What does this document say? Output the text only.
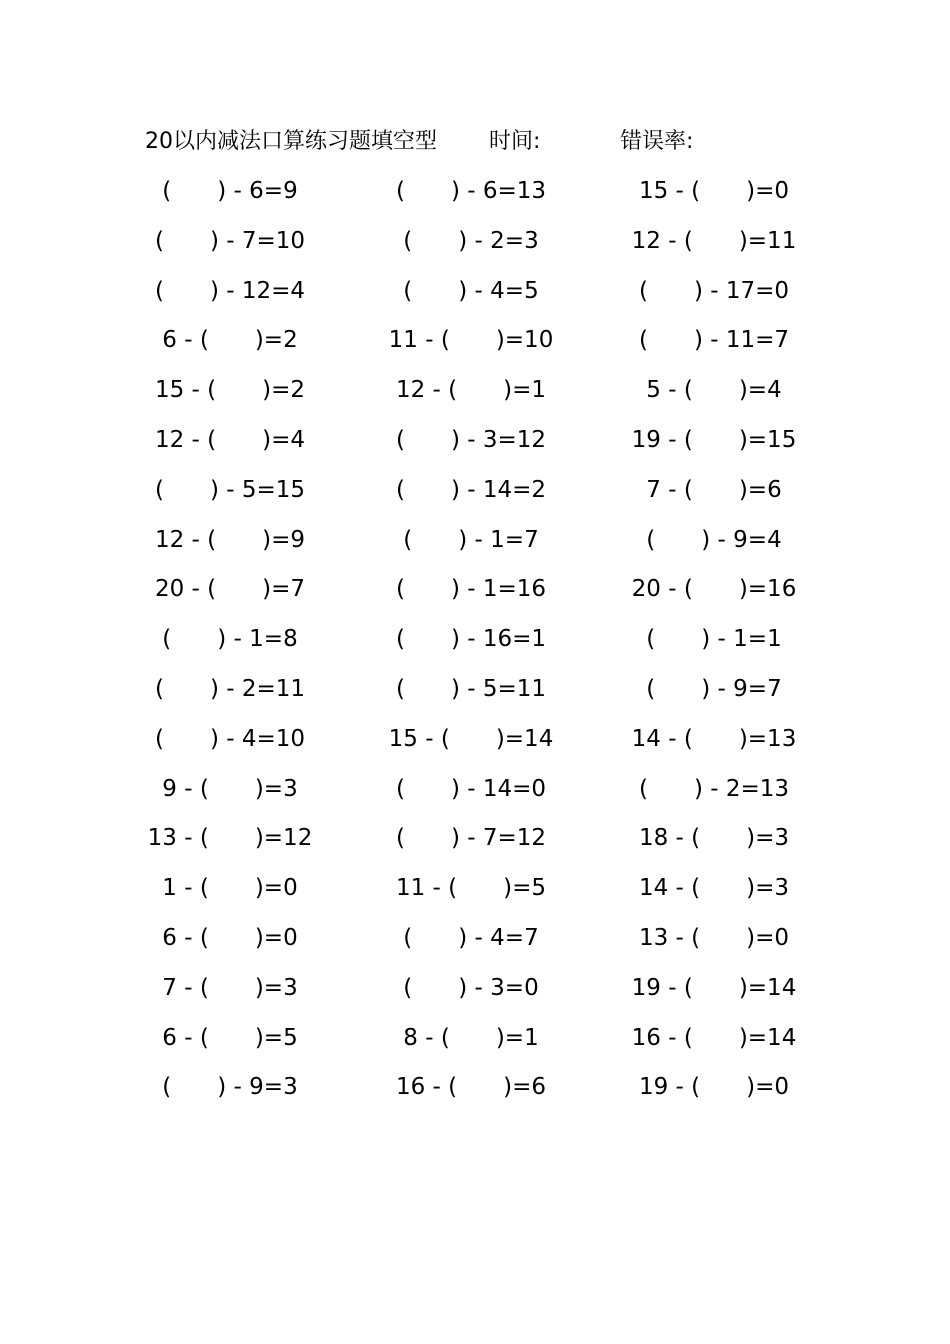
20以内减法口算练习题填空型 时间:	错误率:
(　　) - 6=9	(　　) - 6=13	15 - (　　)=0
(　　) - 7=10	(　　) - 2=3	12 - (　　)=11
(　　) - 12=4	(　　) - 4=5	(　　) - 17=0
6 - (　　)=2	11 - (　　)=10	(　　) - 11=7
15 - (　　)=2	12 - (　　)=1	5 - (　　)=4
12 - (　　)=4	(　　) - 3=12	19 - (　　)=15
(　　) - 5=15	(　　) - 14=2	7 - (　　)=6
12 - (　　)=9	(　　) - 1=7	(　　) - 9=4
20 - (　　)=7	(　　) - 1=16	20 - (　　)=16
(　　) - 1=8	(　　) - 16=1	(　　) - 1=1
(　　) - 2=11	(　　) - 5=11	(　　) - 9=7
(　　) - 4=10	15 - (　　)=14	14 - (　　)=13
9 - (　　)=3	(　　) - 14=0	(　　) - 2=13
13 - (　　)=12	(　　) - 7=12	18 - (　　)=3
1 - (　　)=0	11 - (　　)=5	14 - (　　)=3
6 - (　　)=0	(　　) - 4=7	13 - (　　)=0
7 - (　　)=3	(　　) - 3=0	19 - (　　)=14
6 - (　　)=5	8 - (　　)=1	16 - (　　)=14
(　　) - 9=3	16 - (　　)=6	19 - (　　)=0
